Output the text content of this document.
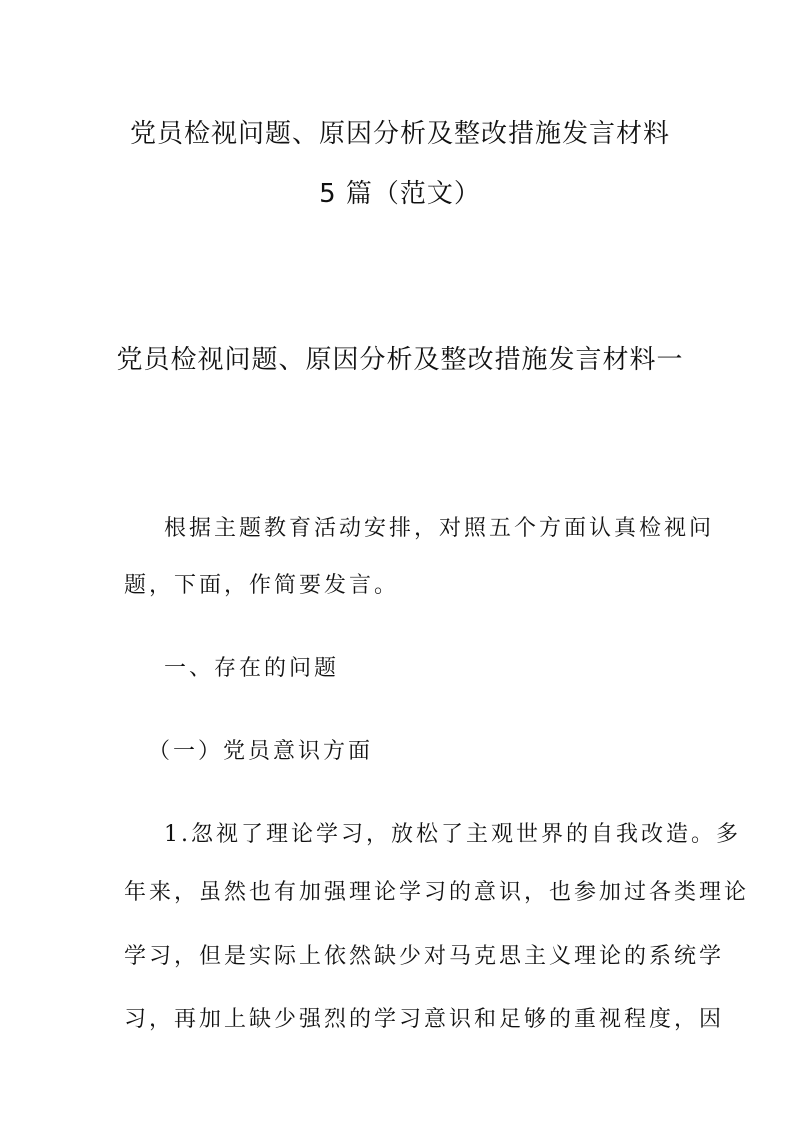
党员检视问题、原因分析及整改措施发言材料
5 篇（范文）
党员检视问题、原因分析及整改措施发言材料一

根据主题教育活动安排，对照五个方面认真检视问

题，下面，作简要发言。

一、存在的问题

（一）党员意识方面

1.忽视了理论学习，放松了主观世界的自我改造。多

年来，虽然也有加强理论学习的意识，也参加过各类理论

学习，但是实际上依然缺少对马克思主义理论的系统学

习，再加上缺少强烈的学习意识和足够的重视程度，因
